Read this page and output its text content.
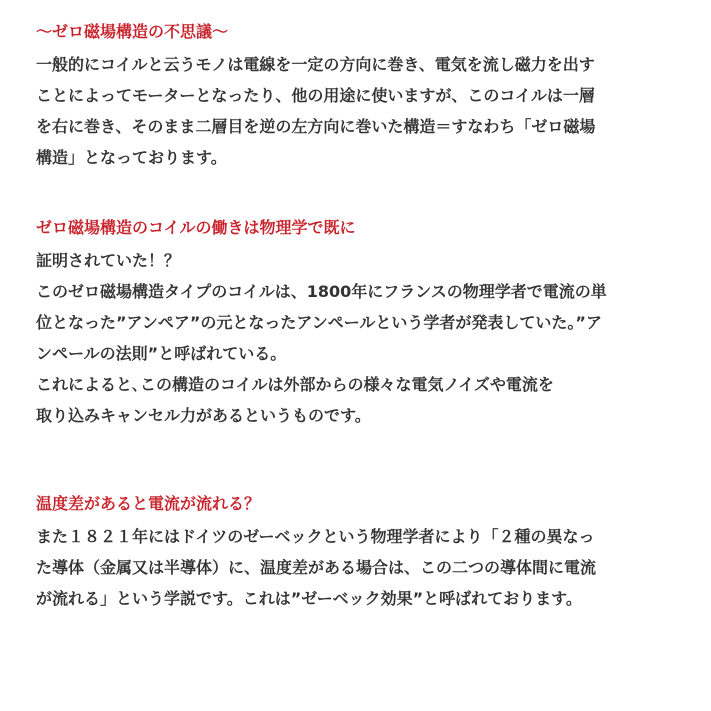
〜ゼロ磁場構造の不思議〜
一般的にコイルと云うモノは電線を一定の方向に巻き、電気を流し磁力を出す
ことによってモーターとなったり、他の用途に使いますが、このコイルは一層
を右に巻き、そのまま二層目を逆の左方向に巻いた構造＝すなわち「ゼロ磁場
構造」となっております。
ゼロ磁場構造のコイルの働きは物理学で既に
証明されていた！？
このゼロ磁場構造タイプのコイルは、1800年にフランスの物理学者で電流の単
位となった”アンペア”の元となったアンペールという学者が発表していた。”ア
ンペールの法則”と呼ばれている。
これによると､この構造のコイルは外部からの様々な電気ノイズや電流を
取り込みキャンセル力があるというものです。
温度差があると電流が流れる？
また１８２１年にはドイツのゼーベックという物理学者により「２種の異なっ
た導体（金属又は半導体）に、温度差がある場合は、この二つの導体間に電流
が流れる」という学説です。これは”ゼーベック効果”と呼ばれております。
